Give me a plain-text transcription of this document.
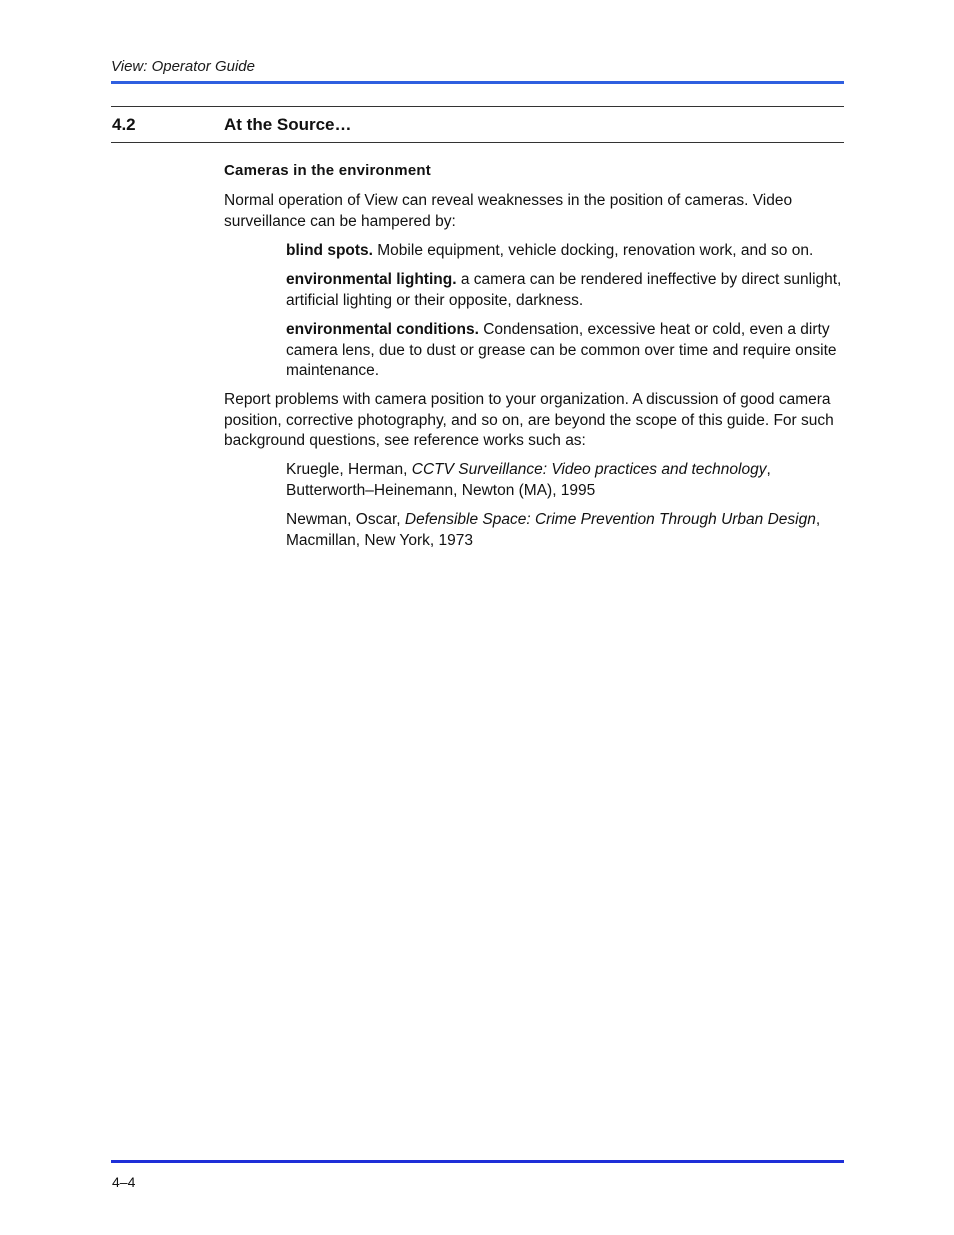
View: Operator Guide
4.2	At the Source…
Cameras in the environment
Normal operation of View can reveal weaknesses in the position of cameras. Video surveillance can be hampered by:
blind spots. Mobile equipment, vehicle docking, renovation work, and so on.
environmental lighting. a camera can be rendered ineffective by direct sunlight, artificial lighting or their opposite, darkness.
environmental conditions. Condensation, excessive heat or cold, even a dirty camera lens, due to dust or grease can be common over time and require onsite maintenance.
Report problems with camera position to your organization. A discussion of good camera position, corrective photography, and so on, are beyond the scope of this guide. For such background questions, see reference works such as:
Kruegle, Herman, CCTV Surveillance: Video practices and technology, Butterworth–Heinemann, Newton (MA), 1995
Newman, Oscar, Defensible Space: Crime Prevention Through Urban Design, Macmillan, New York, 1973
4–4
